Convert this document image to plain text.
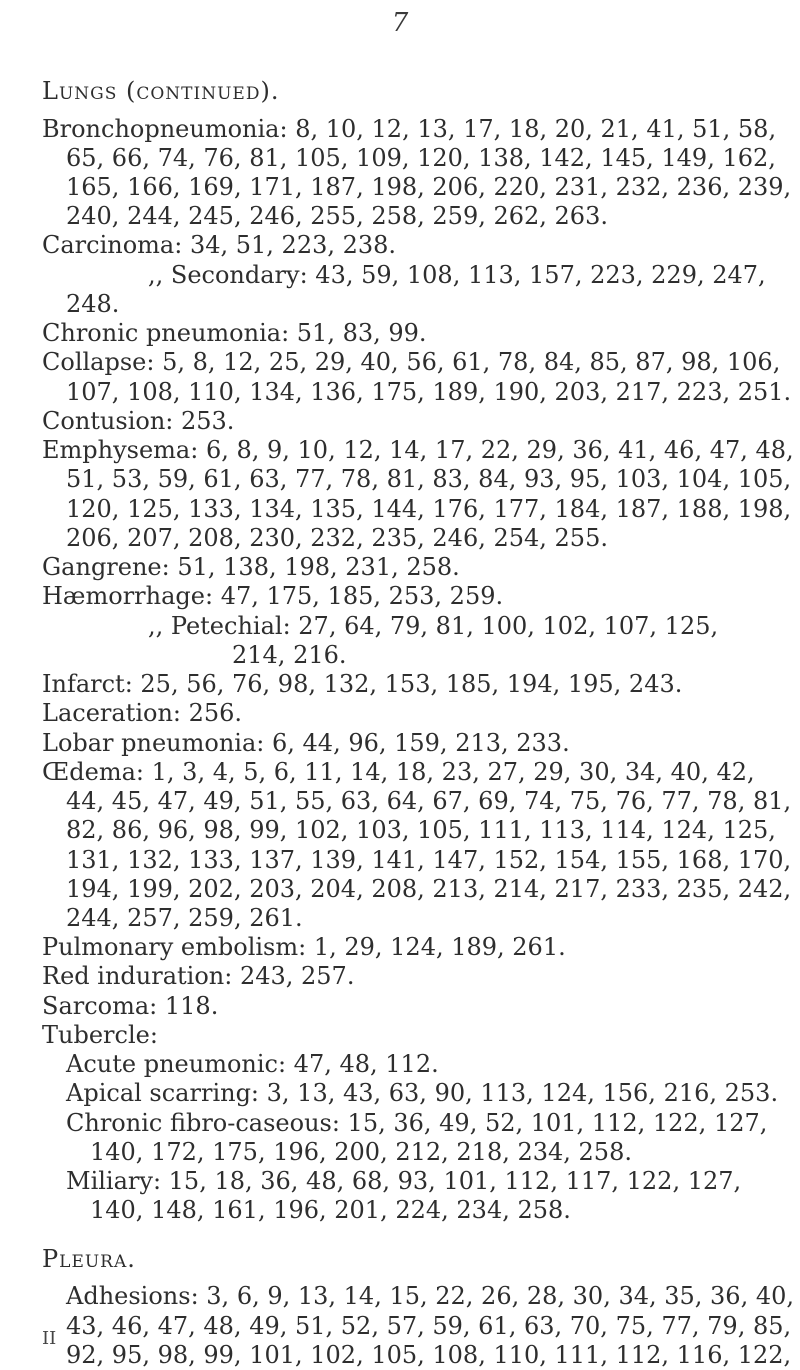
7
Lungs (continued).
Bronchopneumonia: 8, 10, 12, 13, 17, 18, 20, 21, 41, 51, 58,
65, 66, 74, 76, 81, 105, 109, 120, 138, 142, 145, 149, 162,
165, 166, 169, 171, 187, 198, 206, 220, 231, 232, 236, 239,
240, 244, 245, 246, 255, 258, 259, 262, 263.
Carcinoma: 34, 51, 223, 238.
,, Secondary: 43, 59, 108, 113, 157, 223, 229, 247,
248.
Chronic pneumonia: 51, 83, 99.
Collapse: 5, 8, 12, 25, 29, 40, 56, 61, 78, 84, 85, 87, 98, 106,
107, 108, 110, 134, 136, 175, 189, 190, 203, 217, 223, 251.
Contusion: 253.
Emphysema: 6, 8, 9, 10, 12, 14, 17, 22, 29, 36, 41, 46, 47, 48,
51, 53, 59, 61, 63, 77, 78, 81, 83, 84, 93, 95, 103, 104, 105,
120, 125, 133, 134, 135, 144, 176, 177, 184, 187, 188, 198,
206, 207, 208, 230, 232, 235, 246, 254, 255.
Gangrene: 51, 138, 198, 231, 258.
Hæmorrhage: 47, 175, 185, 253, 259.
,, Petechial: 27, 64, 79, 81, 100, 102, 107, 125,
214, 216.
Infarct: 25, 56, 76, 98, 132, 153, 185, 194, 195, 243.
Laceration: 256.
Lobar pneumonia: 6, 44, 96, 159, 213, 233.
Œdema: 1, 3, 4, 5, 6, 11, 14, 18, 23, 27, 29, 30, 34, 40, 42,
44, 45, 47, 49, 51, 55, 63, 64, 67, 69, 74, 75, 76, 77, 78, 81,
82, 86, 96, 98, 99, 102, 103, 105, 111, 113, 114, 124, 125,
131, 132, 133, 137, 139, 141, 147, 152, 154, 155, 168, 170,
194, 199, 202, 203, 204, 208, 213, 214, 217, 233, 235, 242,
244, 257, 259, 261.
Pulmonary embolism: 1, 29, 124, 189, 261.
Red induration: 243, 257.
Sarcoma: 118.
Tubercle:
Acute pneumonic: 47, 48, 112.
Apical scarring: 3, 13, 43, 63, 90, 113, 124, 156, 216, 253.
Chronic fibro-caseous: 15, 36, 49, 52, 101, 112, 122, 127,
140, 172, 175, 196, 200, 212, 218, 234, 258.
Miliary: 15, 18, 36, 48, 68, 93, 101, 112, 117, 122, 127,
140, 148, 161, 196, 201, 224, 234, 258.
Pleura.
Adhesions: 3, 6, 9, 13, 14, 15, 22, 26, 28, 30, 34, 35, 36, 40,
43, 46, 47, 48, 49, 51, 52, 57, 59, 61, 63, 70, 75, 77, 79, 85,
92, 95, 98, 99, 101, 102, 105, 108, 110, 111, 112, 116, 122,
II
